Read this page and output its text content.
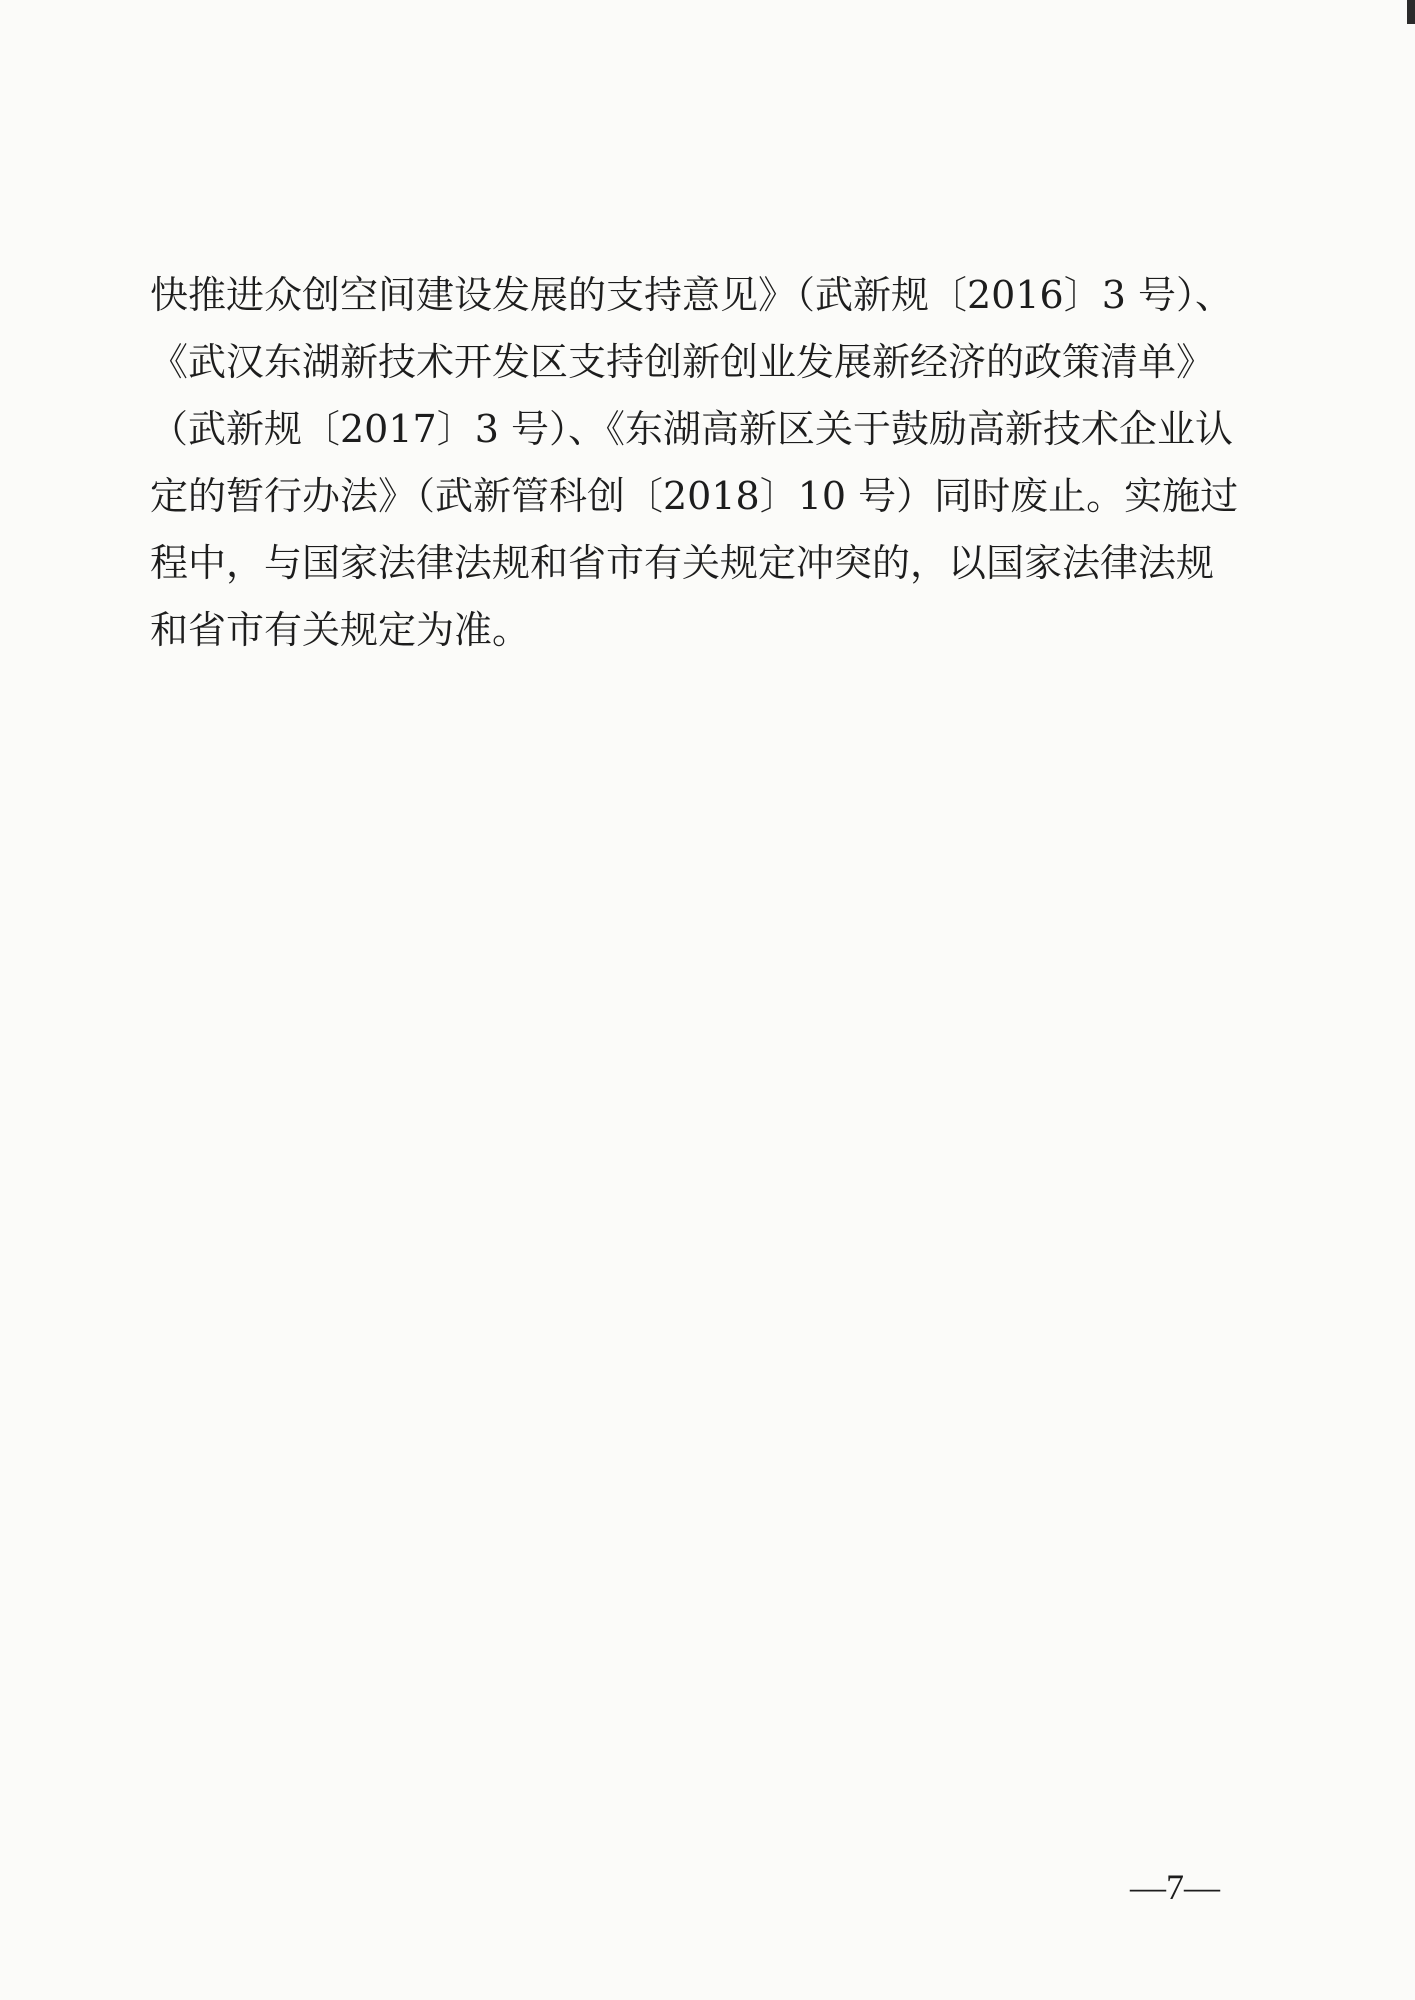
快推进众创空间建设发展的支持意见》（武新规〔2016〕3 号）、
《武汉东湖新技术开发区支持创新创业发展新经济的政策清单》
（武新规〔2017〕3 号）、《东湖高新区关于鼓励高新技术企业认
定的暂行办法》（武新管科创〔2018〕10 号）同时废止。实施过
程中，与国家法律法规和省市有关规定冲突的，以国家法律法规
和省市有关规定为准。
—7—
